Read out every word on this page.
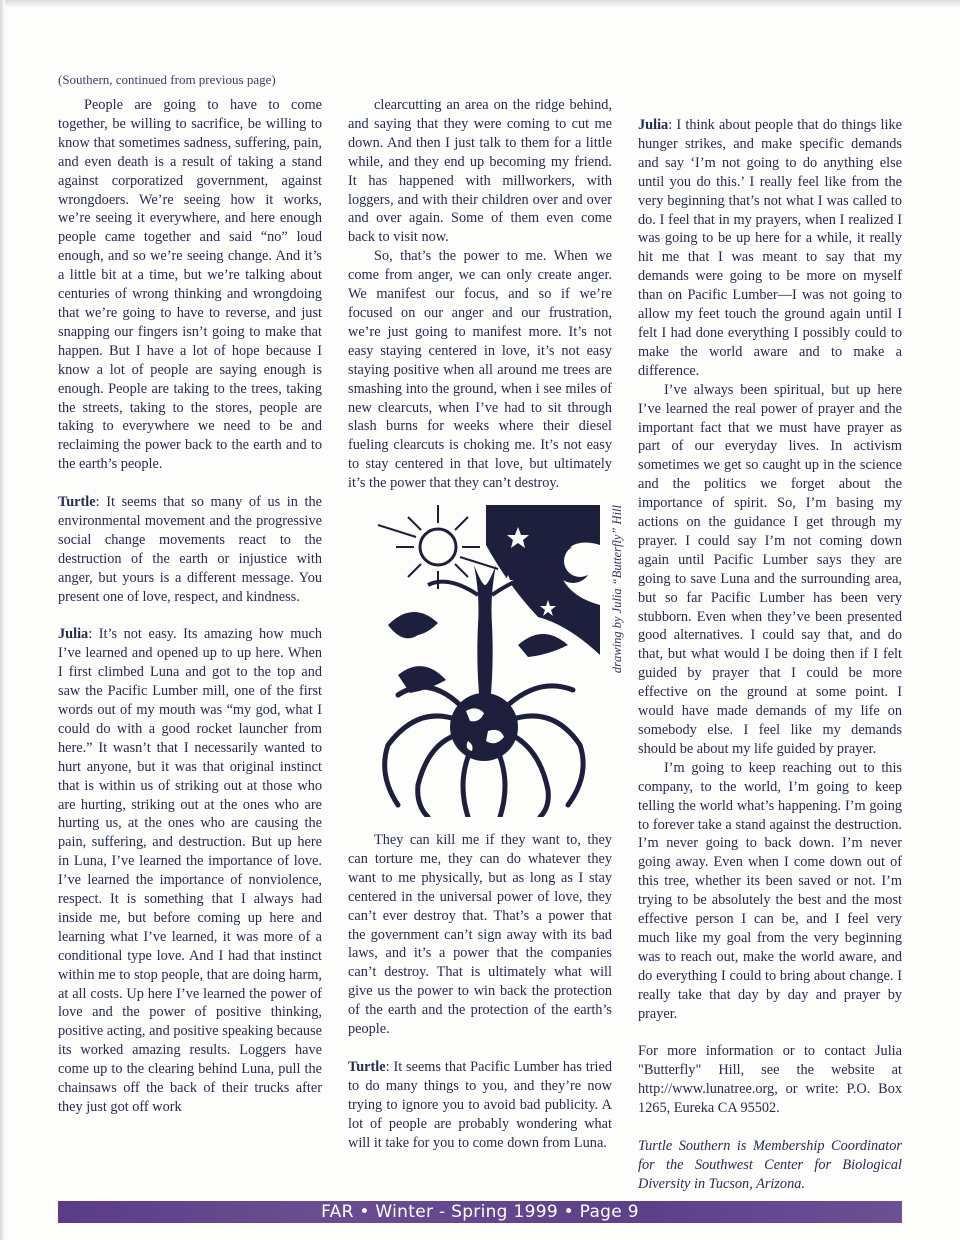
(Southern, continued from previous page)

People are going to have to come together, be willing to sacrifice, be willing to know that sometimes sadness, suffering, pain, and even death is a result of taking a stand against corporatized government, against wrongdoers. We’re seeing how it works, we’re seeing it everywhere, and here enough people came together and said “no” loud enough, and so we’re seeing change. And it’s a little bit at a time, but we’re talking about centuries of wrong thinking and wrongdoing that we’re going to have to reverse, and just snapping our fingers isn’t going to make that happen. But I have a lot of hope because I know a lot of people are saying enough is enough. People are taking to the trees, taking the streets, taking to the stores, people are taking to everywhere we need to be and reclaiming the power back to the earth and to the earth’s people.

Turtle: It seems that so many of us in the environmental movement and the progressive social change movements react to the destruction of the earth or injustice with anger, but yours is a different message. You present one of love, respect, and kindness.

Julia: It’s not easy. Its amazing how much I’ve learned and opened up to up here. When I first climbed Luna and got to the top and saw the Pacific Lumber mill, one of the first words out of my mouth was “my god, what I could do with a good rocket launcher from here.” It wasn’t that I necessarily wanted to hurt anyone, but it was that original instinct that is within us of striking out at those who are hurting, striking out at the ones who are hurting us, at the ones who are causing the pain, suffering, and destruction. But up here in Luna, I’ve learned the importance of love. I’ve learned the importance of nonviolence, respect. It is something that I always had inside me, but before coming up here and learning what I’ve learned, it was more of a conditional type love. And I had that instinct within me to stop people, that are doing harm, at all costs. Up here I’ve learned the power of love and the power of positive thinking, positive acting, and positive speaking because its worked amazing results. Loggers have come up to the clearing behind Luna, pull the chainsaws off the back of their trucks after they just got off work

clearcutting an area on the ridge behind, and saying that they were coming to cut me down. And then I just talk to them for a little while, and they end up becoming my friend. It has happened with millworkers, with loggers, and with their children over and over and over again. Some of them even come back to visit now.

So, that’s the power to me. When we come from anger, we can only create anger. We manifest our focus, and so if we’re focused on our anger and our frustration, we’re just going to manifest more. It’s not easy staying centered in love, it’s not easy staying positive when all around me trees are smashing into the ground, when i see miles of new clearcuts, when I’ve had to sit through slash burns for weeks where their diesel fueling clearcuts is choking me. It’s not easy to stay centered in that love, but ultimately it’s the power that they can’t destroy.

drawing by Julia “Butterfly” Hill

They can kill me if they want to, they can torture me, they can do whatever they want to me physically, but as long as I stay centered in the universal power of love, they can’t ever destroy that. That’s a power that the government can’t sign away with its bad laws, and it’s a power that the companies can’t destroy. That is ultimately what will give us the power to win back the protection of the earth and the protection of the earth’s people.

Turtle: It seems that Pacific Lumber has tried to do many things to you, and they’re now trying to ignore you to avoid bad publicity. A lot of people are probably wondering what will it take for you to come down from Luna.

Julia: I think about people that do things like hunger strikes, and make specific demands and say ‘I’m not going to do anything else until you do this.’ I really feel like from the very beginning that’s not what I was called to do. I feel that in my prayers, when I realized I was going to be up here for a while, it really hit me that I was meant to say that my demands were going to be more on myself than on Pacific Lumber—I was not going to allow my feet touch the ground again until I felt I had done everything I possibly could to make the world aware and to make a difference.

I’ve always been spiritual, but up here I’ve learned the real power of prayer and the important fact that we must have prayer as part of our everyday lives. In activism sometimes we get so caught up in the science and the politics we forget about the importance of spirit. So, I’m basing my actions on the guidance I get through my prayer. I could say I’m not coming down again until Pacific Lumber says they are going to save Luna and the surrounding area, but so far Pacific Lumber has been very stubborn. Even when they’ve been presented good alternatives. I could say that, and do that, but what would I be doing then if I felt guided by prayer that I could be more effective on the ground at some point. I would have made demands of my life on somebody else. I feel like my demands should be about my life guided by prayer.

I’m going to keep reaching out to this company, to the world, I’m going to keep telling the world what’s happening. I’m going to forever take a stand against the destruction. I’m never going to back down. I’m never going away. Even when I come down out of this tree, whether its been saved or not. I’m trying to be absolutely the best and the most effective person I can be, and I feel very much like my goal from the very beginning was to reach out, make the world aware, and do everything I could to bring about change. I really take that day by day and prayer by prayer.

For more information or to contact Julia "Butterfly" Hill, see the website at http://www.lunatree.org, or write: P.O. Box 1265, Eureka CA 95502.

Turtle Southern is Membership Coordinator for the Southwest Center for Biological Diversity in Tucson, Arizona.

FAR • Winter - Spring 1999 • Page 9
